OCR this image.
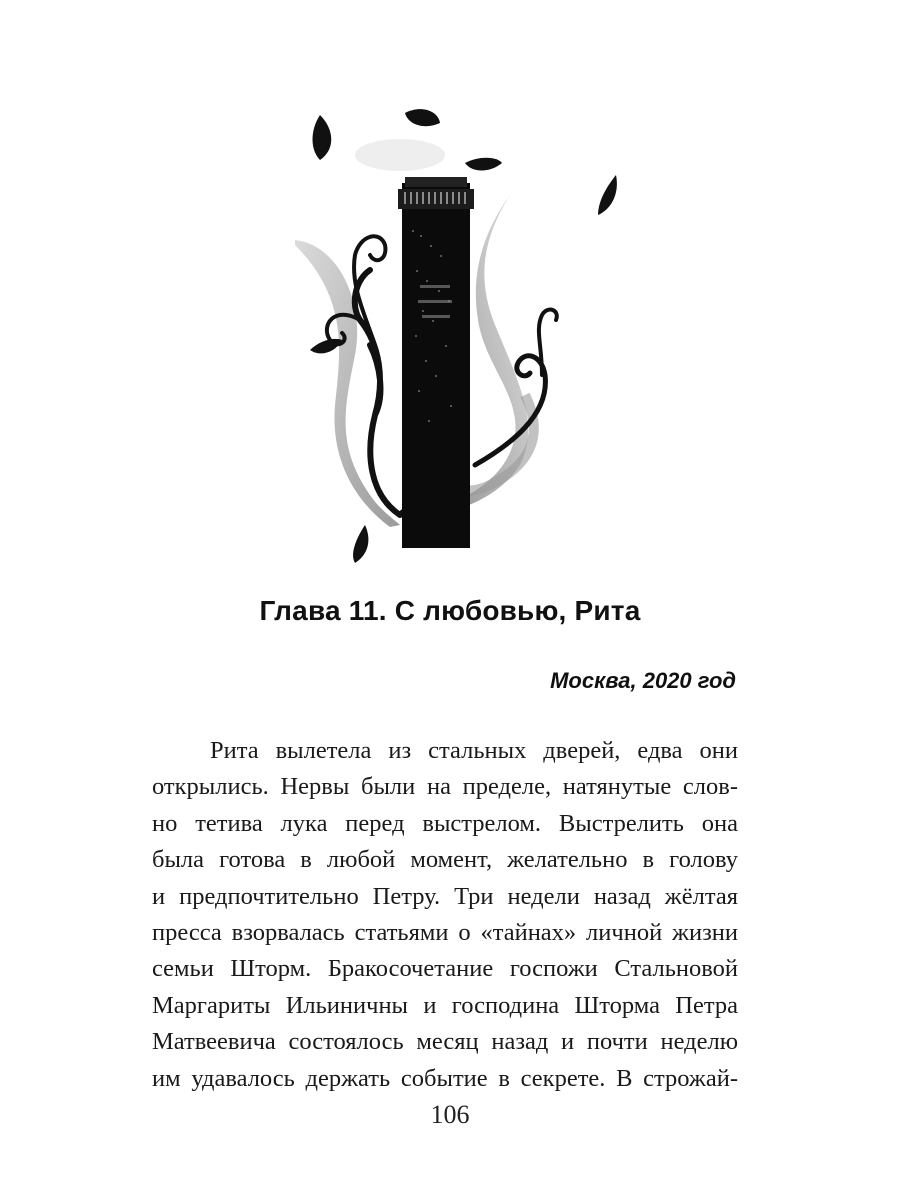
Глава 11. С любовью, Рита
Москва, 2020 год
Рита вылетела из стальных дверей, едва они
открылись. Нервы были на пределе, натянутые слов-
но тетива лука перед выстрелом. Выстрелить она
была готова в любой момент, желательно в голову
и предпочтительно Петру. Три недели назад жёлтая
пресса взорвалась статьями о «тайнах» личной жизни
семьи Шторм. Бракосочетание госпожи Стальновой
Маргариты Ильиничны и господина Шторма Петра
Матвеевича состоялось месяц назад и почти неделю
им удавалось держать событие в секрете. В строжай-
106
